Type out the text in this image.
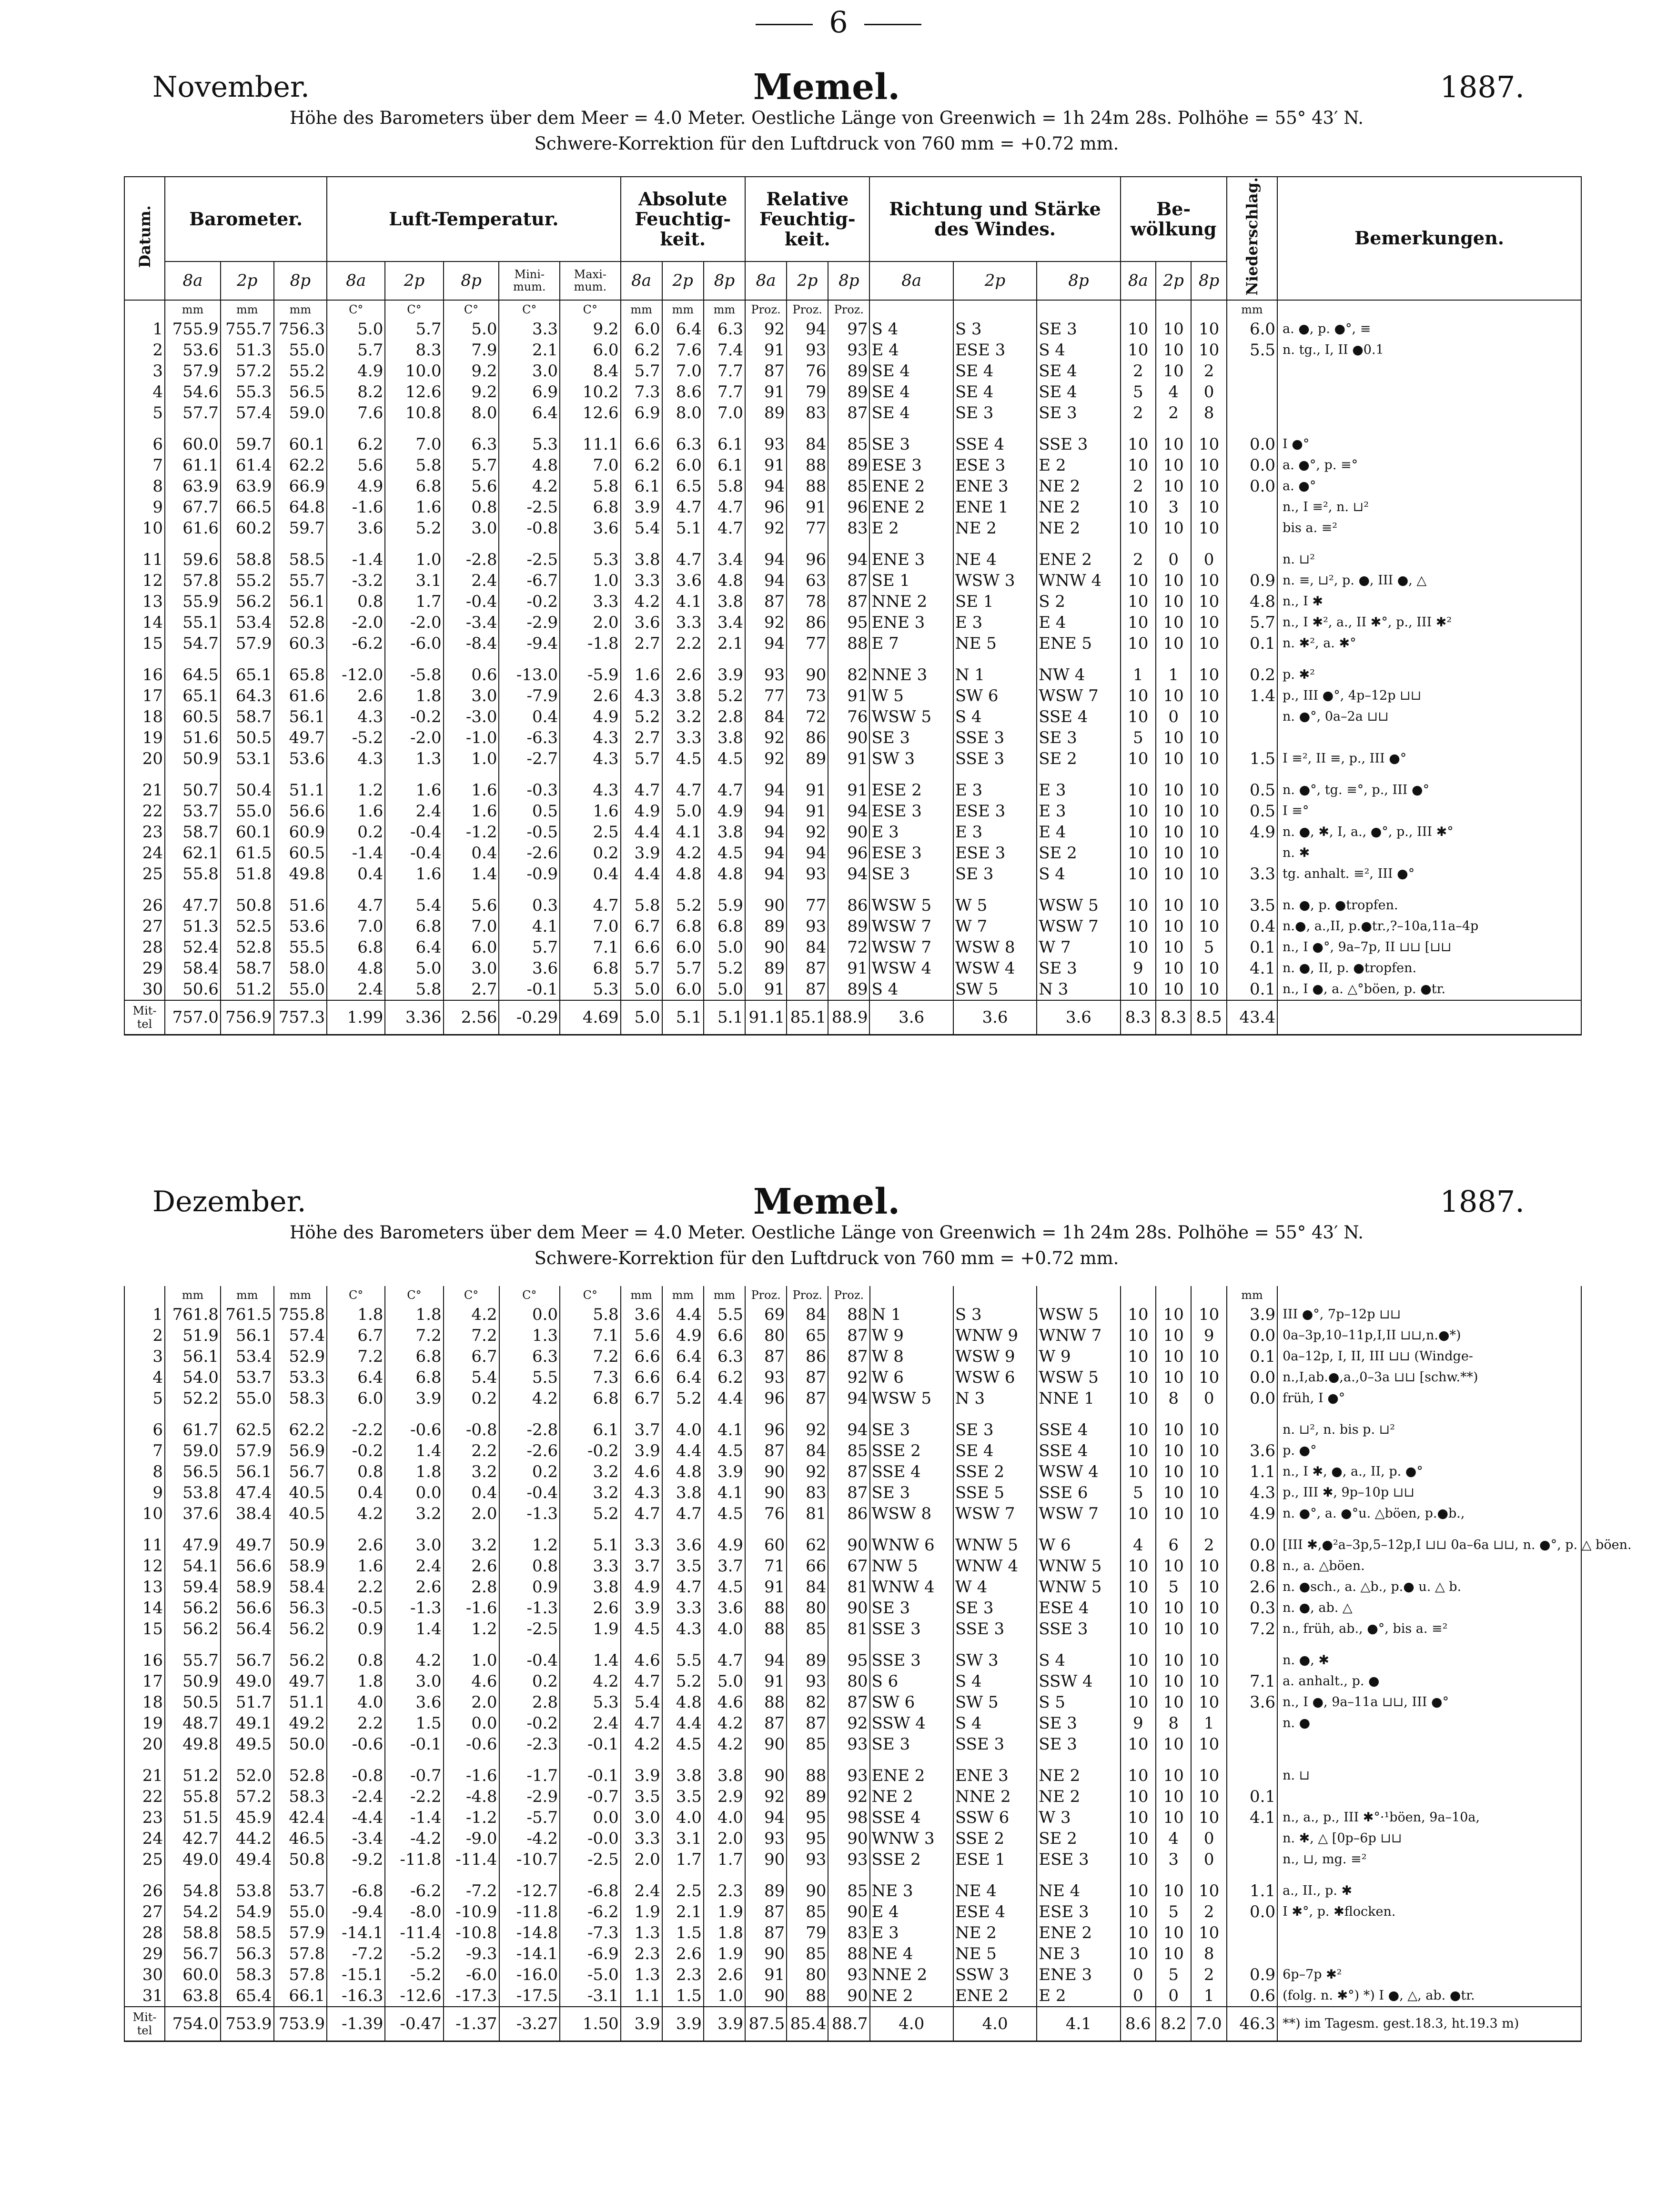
6
November.	Memel.	1887.
Höhe des Barometers über dem Meer = 4.0 Meter. Oestliche Länge von Greenwich = 1h 24m 28s. Polhöhe = 55° 43′ N.
Schwere-Korrektion für den Luftdruck von 760 mm = +0.72 mm.
Datum.	Barometer.			Luft-Temperatur.					Absolute Feuchtig-keit.			Relative Feuchtig-keit.			Richtung und Stärke des Windes.			Be-wölkung			Niederschlag.	Bemerkungen.
	8a	2p	8p	8a	2p	8p	Mini-mum.	Maxi-mum.	8a	2p	8p	8a	2p	8p	8a	2p	8p	8a	2p	8p		
	mm	mm	mm	C°	C°	C°	C°	C°	mm	mm	mm	Proz.	Proz.	Proz.							mm	
1	755.9	755.7	756.3	5.0	5.7	5.0	3.3	9.2	6.0	6.4	6.3	92	94	97	S 4	S 3	SE 3	10	10	10	6.0	a. ●, p. ●°, ≡
2	53.6	51.3	55.0	5.7	8.3	7.9	2.1	6.0	6.2	7.6	7.4	91	93	93	E 4	ESE 3	S 4	10	10	10	5.5	n. tg., I, II ●0.1
3	57.9	57.2	55.2	4.9	10.0	9.2	3.0	8.4	5.7	7.0	7.7	87	76	89	SE 4	SE 4	SE 4	2	10	2		
4	54.6	55.3	56.5	8.2	12.6	9.2	6.9	10.2	7.3	8.6	7.7	91	79	89	SE 4	SE 4	SE 4	5	4	0		
5	57.7	57.4	59.0	7.6	10.8	8.0	6.4	12.6	6.9	8.0	7.0	89	83	87	SE 4	SE 3	SE 3	2	2	8		

6	60.0	59.7	60.1	6.2	7.0	6.3	5.3	11.1	6.6	6.3	6.1	93	84	85	SE 3	SSE 4	SSE 3	10	10	10	0.0	I ●°
7	61.1	61.4	62.2	5.6	5.8	5.7	4.8	7.0	6.2	6.0	6.1	91	88	89	ESE 3	ESE 3	E 2	10	10	10	0.0	a. ●°, p. ≡°
8	63.9	63.9	66.9	4.9	6.8	5.6	4.2	5.8	6.1	6.5	5.8	94	88	85	ENE 2	ENE 3	NE 2	2	10	10	0.0	a. ●°
9	67.7	66.5	64.8	-1.6	1.6	0.8	-2.5	6.8	3.9	4.7	4.7	96	91	96	ENE 2	ENE 1	NE 2	10	3	10		n., I ≡², n. ⊔²
10	61.6	60.2	59.7	3.6	5.2	3.0	-0.8	3.6	5.4	5.1	4.7	92	77	83	E 2	NE 2	NE 2	10	10	10		bis a. ≡²

11	59.6	58.8	58.5	-1.4	1.0	-2.8	-2.5	5.3	3.8	4.7	3.4	94	96	94	ENE 3	NE 4	ENE 2	2	0	0		n. ⊔²
12	57.8	55.2	55.7	-3.2	3.1	2.4	-6.7	1.0	3.3	3.6	4.8	94	63	87	SE 1	WSW 3	WNW 4	10	10	10	0.9	n. ≡, ⊔², p. ●, III ●, △
13	55.9	56.2	56.1	0.8	1.7	-0.4	-0.2	3.3	4.2	4.1	3.8	87	78	87	NNE 2	SE 1	S 2	10	10	10	4.8	n., I ✱
14	55.1	53.4	52.8	-2.0	-2.0	-3.4	-2.9	2.0	3.6	3.3	3.4	92	86	95	ENE 3	E 3	E 4	10	10	10	5.7	n., I ✱², a., II ✱°, p., III ✱²
15	54.7	57.9	60.3	-6.2	-6.0	-8.4	-9.4	-1.8	2.7	2.2	2.1	94	77	88	E 7	NE 5	ENE 5	10	10	10	0.1	n. ✱², a. ✱°

16	64.5	65.1	65.8	-12.0	-5.8	0.6	-13.0	-5.9	1.6	2.6	3.9	93	90	82	NNE 3	N 1	NW 4	1	1	10	0.2	p. ✱²
17	65.1	64.3	61.6	2.6	1.8	3.0	-7.9	2.6	4.3	3.8	5.2	77	73	91	W 5	SW 6	WSW 7	10	10	10	1.4	p., III ●°, 4p–12p ⊔⊔
18	60.5	58.7	56.1	4.3	-0.2	-3.0	0.4	4.9	5.2	3.2	2.8	84	72	76	WSW 5	S 4	SSE 4	10	0	10		n. ●°, 0a–2a ⊔⊔
19	51.6	50.5	49.7	-5.2	-2.0	-1.0	-6.3	4.3	2.7	3.3	3.8	92	86	90	SE 3	SSE 3	SE 3	5	10	10		
20	50.9	53.1	53.6	4.3	1.3	1.0	-2.7	4.3	5.7	4.5	4.5	92	89	91	SW 3	SSE 3	SE 2	10	10	10	1.5	I ≡², II ≡, p., III ●°

21	50.7	50.4	51.1	1.2	1.6	1.6	-0.3	4.3	4.7	4.7	4.7	94	91	91	ESE 2	E 3	E 3	10	10	10	0.5	n. ●°, tg. ≡°, p., III ●°
22	53.7	55.0	56.6	1.6	2.4	1.6	0.5	1.6	4.9	5.0	4.9	94	91	94	ESE 3	ESE 3	E 3	10	10	10	0.5	I ≡°
23	58.7	60.1	60.9	0.2	-0.4	-1.2	-0.5	2.5	4.4	4.1	3.8	94	92	90	E 3	E 3	E 4	10	10	10	4.9	n. ●, ✱, I, a., ●°, p., III ✱°
24	62.1	61.5	60.5	-1.4	-0.4	0.4	-2.6	0.2	3.9	4.2	4.5	94	94	96	ESE 3	ESE 3	SE 2	10	10	10		n. ✱
25	55.8	51.8	49.8	0.4	1.6	1.4	-0.9	0.4	4.4	4.8	4.8	94	93	94	SE 3	SE 3	S 4	10	10	10	3.3	tg. anhalt. ≡², III ●°

26	47.7	50.8	51.6	4.7	5.4	5.6	0.3	4.7	5.8	5.2	5.9	90	77	86	WSW 5	W 5	WSW 5	10	10	10	3.5	n. ●, p. ●tropfen.
27	51.3	52.5	53.6	7.0	6.8	7.0	4.1	7.0	6.7	6.8	6.8	89	93	89	WSW 7	W 7	WSW 7	10	10	10	0.4	n.●, a.,II, p.●tr.,?–10a,11a–4p
28	52.4	52.8	55.5	6.8	6.4	6.0	5.7	7.1	6.6	6.0	5.0	90	84	72	WSW 7	WSW 8	W 7	10	10	5	0.1	n., I ●°, 9a–7p, II ⊔⊔ [⊔⊔
29	58.4	58.7	58.0	4.8	5.0	3.0	3.6	6.8	5.7	5.7	5.2	89	87	91	WSW 4	WSW 4	SE 3	9	10	10	4.1	n. ●, II, p. ●tropfen.
30	50.6	51.2	55.0	2.4	5.8	2.7	-0.1	5.3	5.0	6.0	5.0	91	87	89	S 4	SW 5	N 3	10	10	10	0.1	n., I ●, a. △°böen, p. ●tr.
Mit-tel	757.0	756.9	757.3	1.99	3.36	2.56	-0.29	4.69	5.0	5.1	5.1	91.1	85.1	88.9	3.6	3.6	3.6	8.3	8.3	8.5	43.4	
Dezember.	Memel.	1887.
Höhe des Barometers über dem Meer = 4.0 Meter. Oestliche Länge von Greenwich = 1h 24m 28s. Polhöhe = 55° 43′ N.
Schwere-Korrektion für den Luftdruck von 760 mm = +0.72 mm.
	mm	mm	mm	C°	C°	C°	C°	C°	mm	mm	mm	Proz.	Proz.	Proz.							mm	
1	761.8	761.5	755.8	1.8	1.8	4.2	0.0	5.8	3.6	4.4	5.5	69	84	88	N 1	S 3	WSW 5	10	10	10	3.9	III ●°, 7p–12p ⊔⊔
2	51.9	56.1	57.4	6.7	7.2	7.2	1.3	7.1	5.6	4.9	6.6	80	65	87	W 9	WNW 9	WNW 7	10	10	9	0.0	0a–3p,10–11p,I,II ⊔⊔,n.●*)
3	56.1	53.4	52.9	7.2	6.8	6.7	6.3	7.2	6.6	6.4	6.3	87	86	87	W 8	WSW 9	W 9	10	10	10	0.1	0a–12p, I, II, III ⊔⊔ (Windge-
4	54.0	53.7	53.3	6.4	6.8	5.4	5.5	7.3	6.6	6.4	6.2	93	87	92	W 6	WSW 6	WSW 5	10	10	10	0.0	n.,I,ab.●,a.,0–3a ⊔⊔ [schw.**)
5	52.2	55.0	58.3	6.0	3.9	0.2	4.2	6.8	6.7	5.2	4.4	96	87	94	WSW 5	N 3	NNE 1	10	8	0	0.0	früh, I ●°

6	61.7	62.5	62.2	-2.2	-0.6	-0.8	-2.8	6.1	3.7	4.0	4.1	96	92	94	SE 3	SE 3	SSE 4	10	10	10		n. ⊔², n. bis p. ⊔²
7	59.0	57.9	56.9	-0.2	1.4	2.2	-2.6	-0.2	3.9	4.4	4.5	87	84	85	SSE 2	SE 4	SSE 4	10	10	10	3.6	p. ●°
8	56.5	56.1	56.7	0.8	1.8	3.2	0.2	3.2	4.6	4.8	3.9	90	92	87	SSE 4	SSE 2	WSW 4	10	10	10	1.1	n., I ✱, ●, a., II, p. ●°
9	53.8	47.4	40.5	0.4	0.0	0.4	-0.4	3.2	4.3	3.8	4.1	90	83	87	SE 3	SSE 5	SSE 6	5	10	10	4.3	p., III ✱, 9p–10p ⊔⊔
10	37.6	38.4	40.5	4.2	3.2	2.0	-1.3	5.2	4.7	4.7	4.5	76	81	86	WSW 8	WSW 7	WSW 7	10	10	10	4.9	n. ●°, a. ●°u. △böen, p.●b.,

11	47.9	49.7	50.9	2.6	3.0	3.2	1.2	5.1	3.3	3.6	4.9	60	62	90	WNW 6	WNW 5	W 6	4	6	2	0.0	[III ✱,●²a–3p,5–12p,I ⊔⊔ 0a–6a ⊔⊔, n. ●°, p. △ böen.
12	54.1	56.6	58.9	1.6	2.4	2.6	0.8	3.3	3.7	3.5	3.7	71	66	67	NW 5	WNW 4	WNW 5	10	10	10	0.8	n., a. △böen.
13	59.4	58.9	58.4	2.2	2.6	2.8	0.9	3.8	4.9	4.7	4.5	91	84	81	WNW 4	W 4	WNW 5	10	5	10	2.6	n. ●sch., a. △b., p.● u. △ b.
14	56.2	56.6	56.3	-0.5	-1.3	-1.6	-1.3	2.6	3.9	3.3	3.6	88	80	90	SE 3	SE 3	ESE 4	10	10	10	0.3	n. ●, ab. △
15	56.2	56.4	56.2	0.9	1.4	1.2	-2.5	1.9	4.5	4.3	4.0	88	85	81	SSE 3	SSE 3	SSE 3	10	10	10	7.2	n., früh, ab., ●°, bis a. ≡²

16	55.7	56.7	56.2	0.8	4.2	1.0	-0.4	1.4	4.6	5.5	4.7	94	89	95	SSE 3	SW 3	S 4	10	10	10		n. ●, ✱
17	50.9	49.0	49.7	1.8	3.0	4.6	0.2	4.2	4.7	5.2	5.0	91	93	80	S 6	S 4	SSW 4	10	10	10	7.1	a. anhalt., p. ●
18	50.5	51.7	51.1	4.0	3.6	2.0	2.8	5.3	5.4	4.8	4.6	88	82	87	SW 6	SW 5	S 5	10	10	10	3.6	n., I ●, 9a–11a ⊔⊔, III ●°
19	48.7	49.1	49.2	2.2	1.5	0.0	-0.2	2.4	4.7	4.4	4.2	87	87	92	SSW 4	S 4	SE 3	9	8	1		n. ●
20	49.8	49.5	50.0	-0.6	-0.1	-0.6	-2.3	-0.1	4.2	4.5	4.2	90	85	93	SE 3	SSE 3	SE 3	10	10	10		

21	51.2	52.0	52.8	-0.8	-0.7	-1.6	-1.7	-0.1	3.9	3.8	3.8	90	88	93	ENE 2	ENE 3	NE 2	10	10	10		n. ⊔
22	55.8	57.2	58.3	-2.4	-2.2	-4.8	-2.9	-0.7	3.5	3.5	2.9	92	89	92	NE 2	NNE 2	NE 2	10	10	10	0.1	
23	51.5	45.9	42.4	-4.4	-1.4	-1.2	-5.7	0.0	3.0	4.0	4.0	94	95	98	SSE 4	SSW 6	W 3	10	10	10	4.1	n., a., p., III ✱°·¹böen, 9a–10a,
24	42.7	44.2	46.5	-3.4	-4.2	-9.0	-4.2	-0.0	3.3	3.1	2.0	93	95	90	WNW 3	SSE 2	SE 2	10	4	0		n. ✱, △ [0p–6p ⊔⊔
25	49.0	49.4	50.8	-9.2	-11.8	-11.4	-10.7	-2.5	2.0	1.7	1.7	90	93	93	SSE 2	ESE 1	ESE 3	10	3	0		n., ⊔, mg. ≡²

26	54.8	53.8	53.7	-6.8	-6.2	-7.2	-12.7	-6.8	2.4	2.5	2.3	89	90	85	NE 3	NE 4	NE 4	10	10	10	1.1	a., II., p. ✱
27	54.2	54.9	55.0	-9.4	-8.0	-10.9	-11.8	-6.2	1.9	2.1	1.9	87	85	90	E 4	ESE 4	ESE 3	10	5	2	0.0	I ✱°, p. ✱flocken.
28	58.8	58.5	57.9	-14.1	-11.4	-10.8	-14.8	-7.3	1.3	1.5	1.8	87	79	83	E 3	NE 2	ENE 2	10	10	10		
29	56.7	56.3	57.8	-7.2	-5.2	-9.3	-14.1	-6.9	2.3	2.6	1.9	90	85	88	NE 4	NE 5	NE 3	10	10	8		
30	60.0	58.3	57.8	-15.1	-5.2	-6.0	-16.0	-5.0	1.3	2.3	2.6	91	80	93	NNE 2	SSW 3	ENE 3	0	5	2	0.9	6p–7p ✱²
31	63.8	65.4	66.1	-16.3	-12.6	-17.3	-17.5	-3.1	1.1	1.5	1.0	90	88	90	NE 2	ENE 2	E 2	0	0	1	0.6	(folg. n. ✱°) *) I ●, △, ab. ●tr.
Mit-tel	754.0	753.9	753.9	-1.39	-0.47	-1.37	-3.27	1.50	3.9	3.9	3.9	87.5	85.4	88.7	4.0	4.0	4.1	8.6	8.2	7.0	46.3	**) im Tagesm. gest.18.3, ht.19.3 m)
